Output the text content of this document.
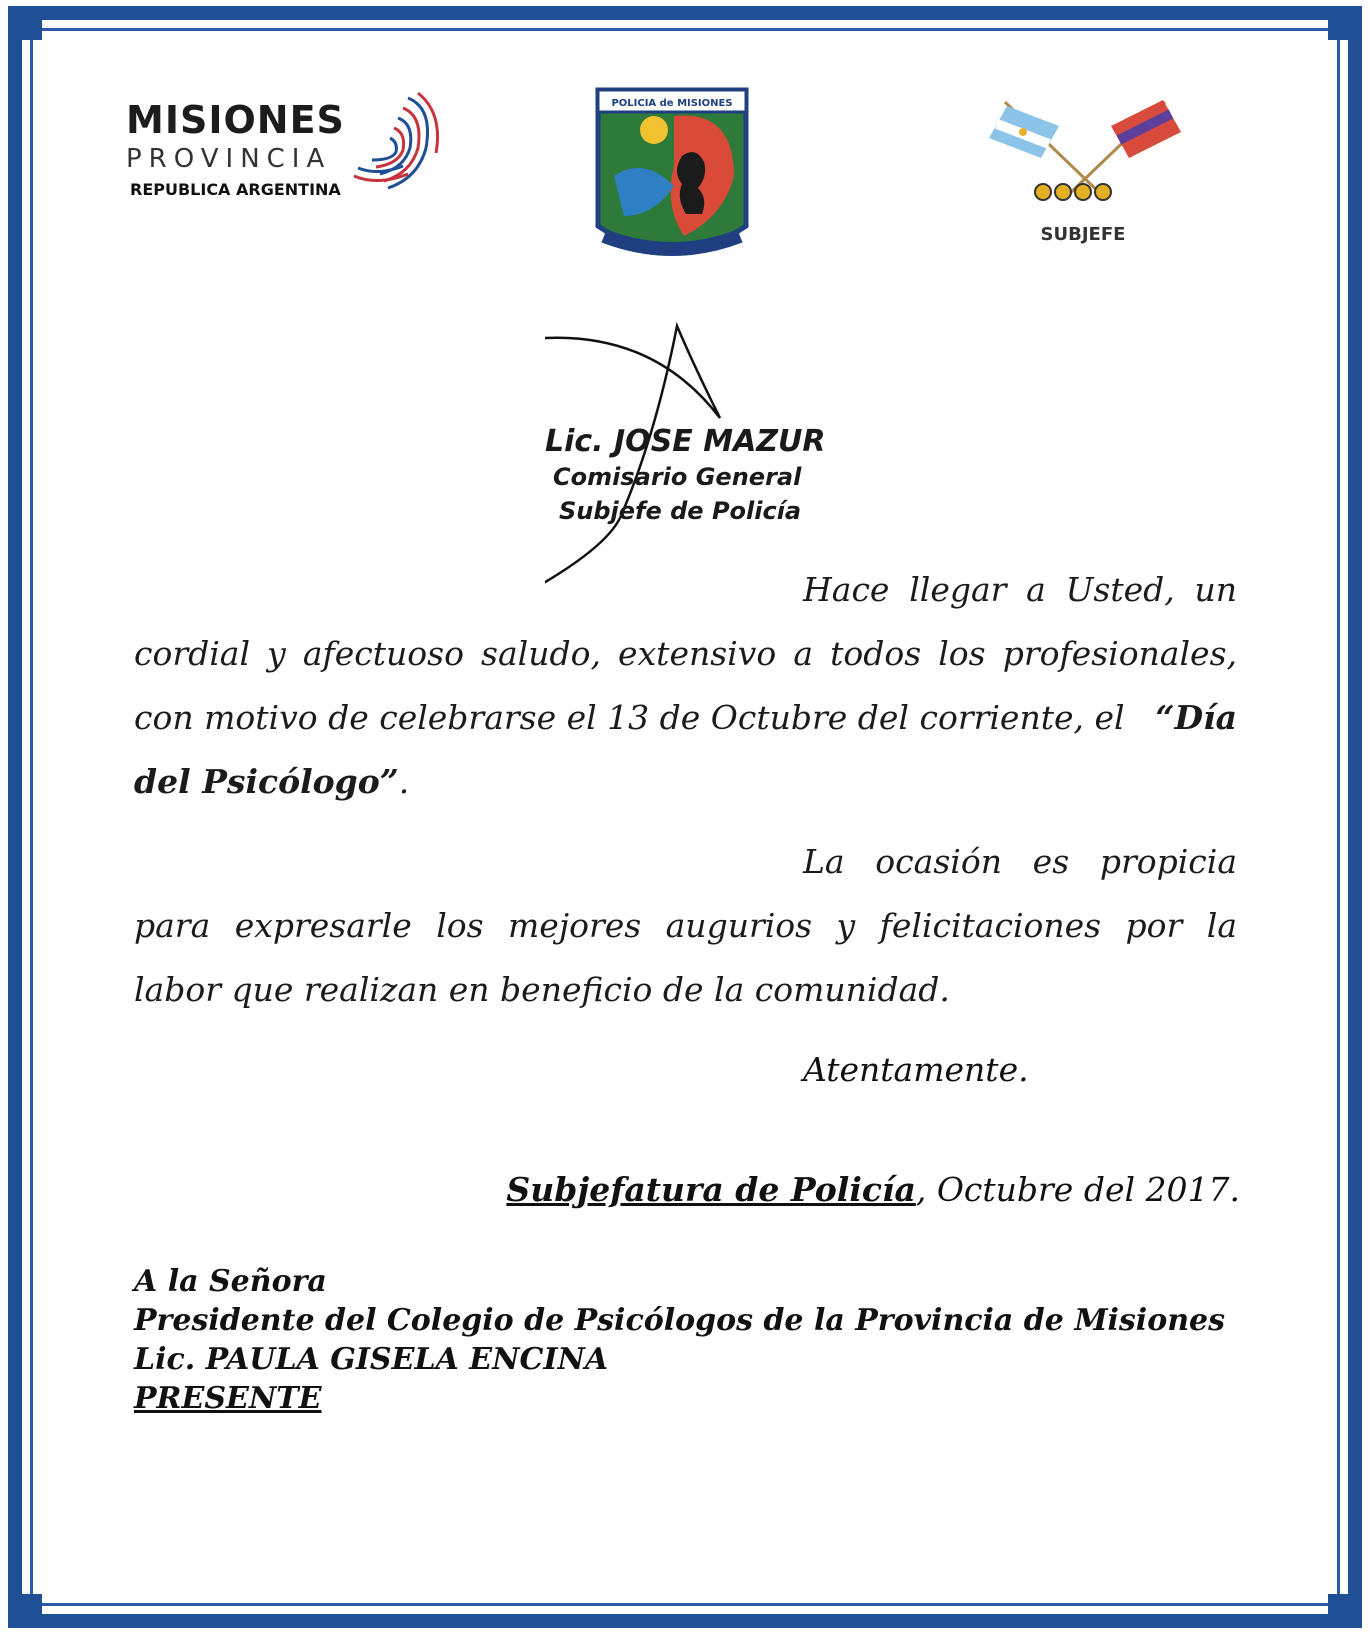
MISIONES
PROVINCIA
REPUBLICA ARGENTINA
POLICIA de MISIONES
SUBJEFE
Lic. JOSE MAZUR
Comisario General
Subjefe de Policía
Hace llegar a Usted, un
cordial y afectuoso saludo, extensivo a todos los profesionales,
con motivo de celebrarse el 13 de Octubre del corriente, el “Día
del Psicólogo”.
La ocasión es propicia
para expresarle los mejores augurios y felicitaciones por la
labor que realizan en beneficio de la comunidad.
Atentamente.
Subjefatura de Policía, Octubre del 2017.
A la Señora
Presidente del Colegio de Psicólogos de la Provincia de Misiones
Lic. PAULA GISELA ENCINA
PRESENTE
